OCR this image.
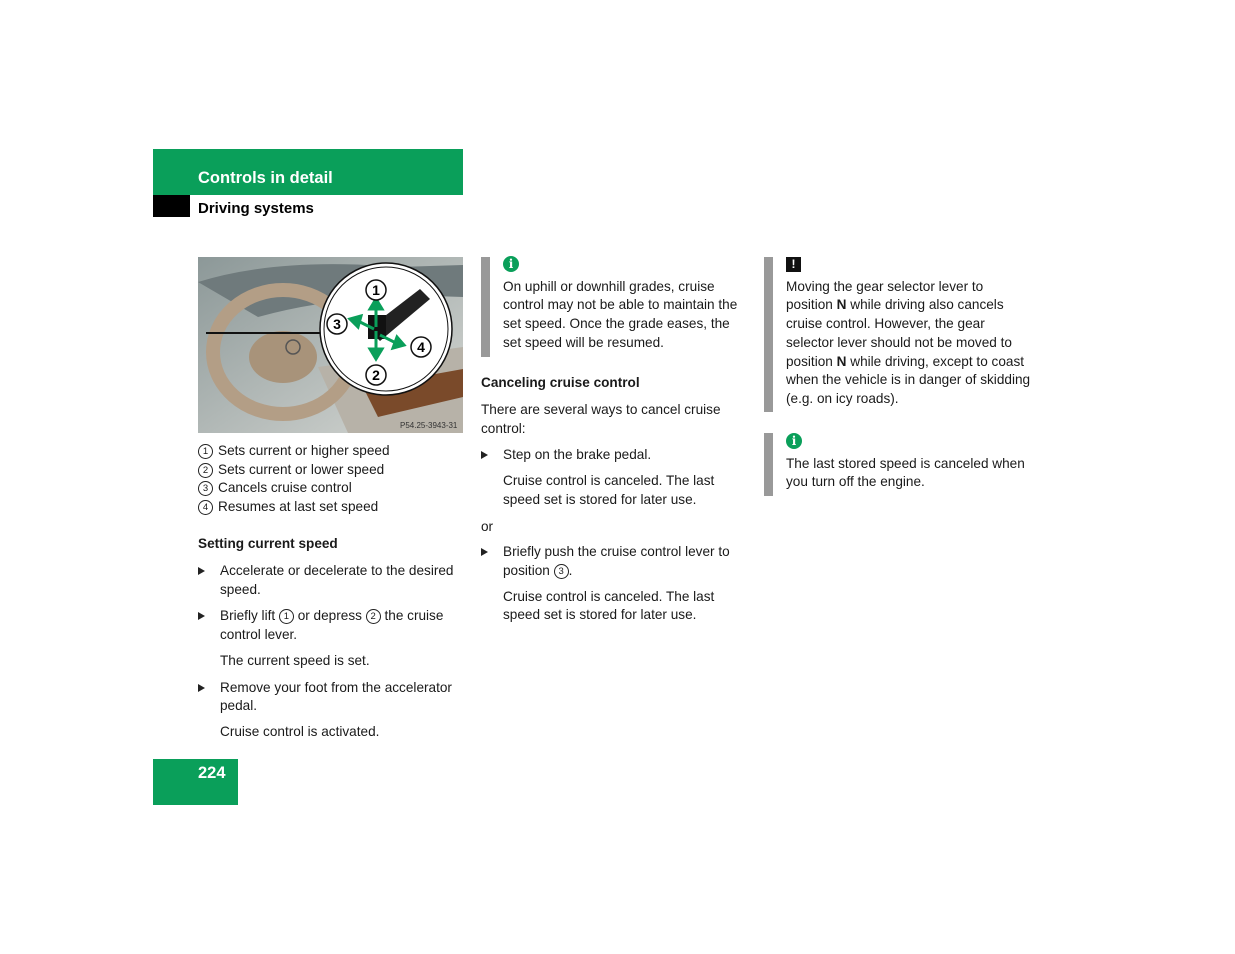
Controls in detail
Driving systems
1
2
3
4
P54.25-3943-31
1 Sets current or higher speed
2 Sets current or lower speed
3 Cancels cruise control
4 Resumes at last set speed
Setting current speed
Accelerate or decelerate to the desired speed.
Briefly lift 1 or depress 2 the cruise control lever.
The current speed is set.
Remove your foot from the accelerator pedal.
Cruise control is activated.
i
On uphill or downhill grades, cruise control may not be able to maintain the set speed. Once the grade eases, the set speed will be resumed.
Canceling cruise control
There are several ways to cancel cruise control:
Step on the brake pedal.
Cruise control is canceled. The last speed set is stored for later use.
or
Briefly push the cruise control lever to position 3 .
Cruise control is canceled. The last speed set is stored for later use.
!
Moving the gear selector lever to position N while driving also cancels cruise control. However, the gear selector lever should not be moved to position N while driving, except to coast when the vehicle is in danger of skidding (e.g. on icy roads).
i
The last stored speed is canceled when you turn off the engine.
224
